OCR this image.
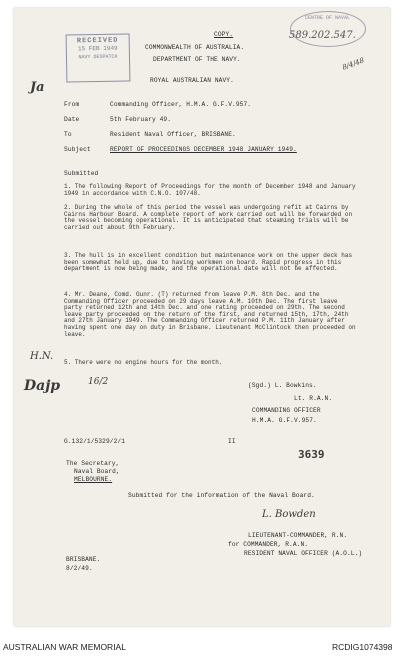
COPY.
COMMONWEALTH OF AUSTRALIA.
DEPARTMENT OF THE NAVY.
ROYAL AUSTRALIAN NAVY.
RECEIVED
15 FEB 1949
NAVY DESPATCH
CENTRE OF NAVAL
589.202.547.
8/4/48
Ja
From	Commanding Officer, H.M.A. G.F.V.957.
Date	5th February 49.
To	Resident Naval Officer, BRISBANE.
Subject	REPORT OF PROCEEDINGS DECEMBER 1948 JANUARY 1949.
Submitted
1. The following Report of Proceedings for the month of December 1948 and January 1949 in accordance with C.N.O. 107/48.
2. During the whole of this period the vessel was undergoing refit at Cairns by Cairns Harbour Board. A complete report of work carried out will be forwarded on the vessel becoming operational. It is anticipated that steaming trials will be carried out about 9th February.
3. The hull is in excellent condition but maintenance work on the upper deck has been somewhat held up, due to having workmen on board. Rapid progress in this department is now being made, and the operational date will not be affected.
4. Mr. Deane, Comd. Gunr. (T) returned from leave P.M. 8th Dec. and the Commanding Officer proceeded on 29 days leave A.M. 10th Dec. The first leave party returned 12th and 14th Dec. and one rating proceeded on 29th. The second leave party proceeded on the return of the first, and returned 15th, 17th, 24th and 27th January 1949. The Commanding Officer returned P.M. 11th January after having spent one day on duty in Brisbane. Lieutenant McClintock then proceeded on leave.
5. There were no engine hours for the month.
H.N.
Dajp	16/2	(Sgd.) L. Bowkins.
Lt. R.A.N.
COMMANDING OFFICER
H.M.A. G.F.V.957.
G.132/1/5329/2/1	II
3639
The Secretary,
Naval Board,
MELBOURNE.
Submitted for the information of the Naval Board.
L. Bowden
LIEUTENANT-COMMANDER, R.N.
for COMMANDER, R.A.N.
RESIDENT NAVAL OFFICER (A.O.L.)
BRISBANE.
8/2/49.
AUSTRALIAN WAR MEMORIAL	RCDIG1074398
